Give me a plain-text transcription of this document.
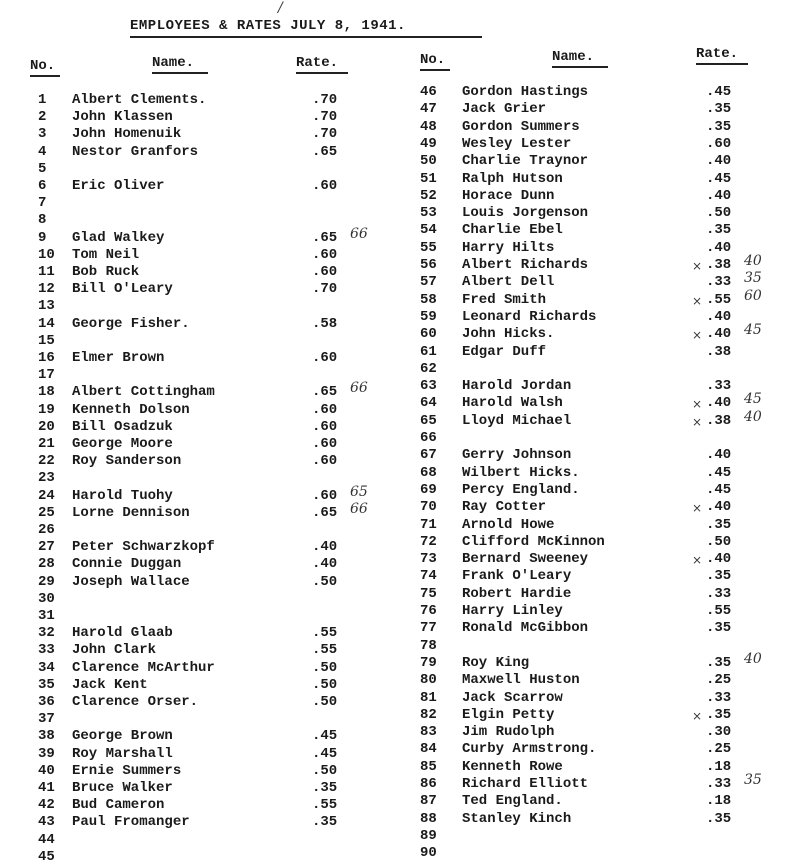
/
EMPLOYEES & RATES JULY 8, 1941.
No.	Name.	Rate.	No.	Name.	Rate.
1	Albert Clements.	.70
2	John Klassen	.70
3	John Homenuik	.70
4	Nestor Granfors	.65
5
6	Eric Oliver	.60
7
8
9	Glad Walkey	.65 66
10	Tom Neil	.60
11	Bob Ruck	.60
12	Bill O'Leary	.70
13
14	George Fisher.	.58
15
16	Elmer Brown	.60
17
18	Albert Cottingham	.65 66
19	Kenneth Dolson	.60
20	Bill Osadzuk	.60
21	George Moore	.60
22	Roy Sanderson	.60
23
24	Harold Tuohy	.60 65
25	Lorne Dennison	.65 66
26
27	Peter Schwarzkopf	.40
28	Connie Duggan	.40
29	Joseph Wallace	.50
30
31
32	Harold Glaab	.55
33	John Clark	.55
34	Clarence McArthur	.50
35	Jack Kent	.50
36	Clarence Orser.	.50
37
38	George Brown	.45
39	Roy Marshall	.45
40	Ernie Summers	.50
41	Bruce Walker	.35
42	Bud Cameron	.55
43	Paul Fromanger	.35
44
45
46	Gordon Hastings	.45
47	Jack Grier	.35
48	Gordon Summers	.35
49	Wesley Lester	.60
50	Charlie Traynor	.40
51	Ralph Hutson	.45
52	Horace Dunn	.40
53	Louis Jorgenson	.50
54	Charlie Ebel	.35
55	Harry Hilts	.40
56	Albert Richards	.38 40
×
57	Albert Dell	.33 35
58	Fred Smith	.55 60
×
59	Leonard Richards	.40
60	John Hicks.	.40 45
×
61	Edgar Duff	.38
62
63	Harold Jordan	.33
64	Harold Walsh	.40 45
×
65	Lloyd Michael	.38 40
×
66
67	Gerry Johnson	.40
68	Wilbert Hicks.	.45
69	Percy England.	.45
70	Ray Cotter	.40
×
71	Arnold Howe	.35
72	Clifford McKinnon	.50
73	Bernard Sweeney	.40
×
74	Frank O'Leary	.35
75	Robert Hardie	.33
76	Harry Linley	.55
77	Ronald McGibbon	.35
78
79	Roy King	.35 40
80	Maxwell Huston	.25
81	Jack Scarrow	.33
82	Elgin Petty	.35
×
83	Jim Rudolph	.30
84	Curby Armstrong.	.25
85	Kenneth Rowe	.18
86	Richard Elliott	.33 35
87	Ted England.	.18
88	Stanley Kinch	.35
89
90
